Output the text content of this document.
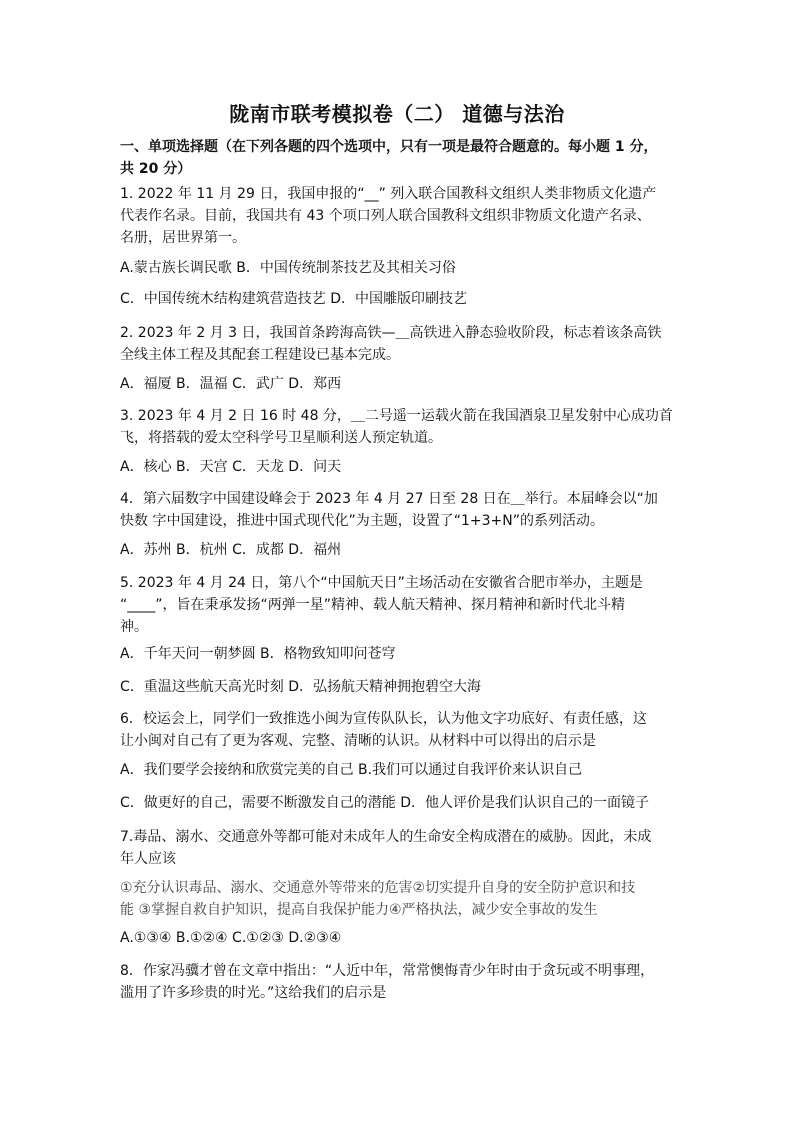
陇南市联考模拟卷（二） 道德与法治

一、单项选择题（在下列各题的四个选项中，只有一项是最符合题意的。每小题 1 分，

共 20 分）

1. 2022 年 11 月 29 日，我国申报的“__” 列入联合国教科文组织人类非物质文化遗产

代表作名录。目前，我国共有 43 个项口列人联合国教科文组织非物质文化遗产名录、

名册，居世界第一。

A.蒙古族长调民歌 B．中国传统制茶技艺及其相关习俗

C．中国传统木结构建筑营造技艺 D．中国雕版印刷技艺

2. 2023 年 2 月 3 日，我国首条跨海高铁—＿高铁进入静态验收阶段，标志着该条高铁

全线主体工程及其配套工程建设已基本完成。

A．福厦 B．温福 C．武广 D．郑西

3. 2023 年 4 月 2 日 16 时 48 分，＿二号遥一运载火箭在我国酒泉卫星发射中心成功首

飞，将搭载的爱太空科学号卫星顺利送人预定轨道。

A．核心 B．天宫 C．天龙 D．问天

4．第六届数字中国建设峰会于 2023 年 4 月 27 日至 28 日在＿举行。本届峰会以“加

快数 字中国建设，推进中国式现代化”为主题，设置了“1+3+N”的系列活动。

A．苏州 B．杭州 C．成都 D．福州

5. 2023 年 4 月 24 日，第八个“中国航天日”主场活动在安徽省合肥市举办，主题是

“____”，旨在秉承发扬“两弹一星”精神、载人航天精神、探月精神和新时代北斗精

神。

A．千年天问一朝梦圆 B．格物致知叩问苍穹

C．重温这些航天高光时刻 D．弘扬航天精神拥抱碧空大海

6．校运会上，同学们一致推选小闽为宣传队队长，认为他文字功底好、有责任感，这

让小闽对自己有了更为客观、完整、清晰的认识。从材料中可以得出的启示是

A．我们要学会接纳和欣赏完美的自己 B.我们可以通过自我评价来认识自己

C．做更好的自己，需要不断激发自己的潜能 D．他人评价是我们认识自己的一面镜子

7.毒品、溺水、交通意外等都可能对未成年人的生命安全构成潜在的威胁。因此，未成

年人应该

①充分认识毒品、溺水、交通意外等带来的危害②切实提升自身的安全防护意识和技

能 ③掌握自救自护知识，提高自我保护能力④严格执法，减少安全事故的发生

A.①③④ B.①②④ C.①②③ D.②③④

8．作家冯骥才曾在文章中指出：“人近中年，常常懊悔青少年时由于贪玩或不明事理，

滥用了许多珍贵的时光。”这给我们的启示是
